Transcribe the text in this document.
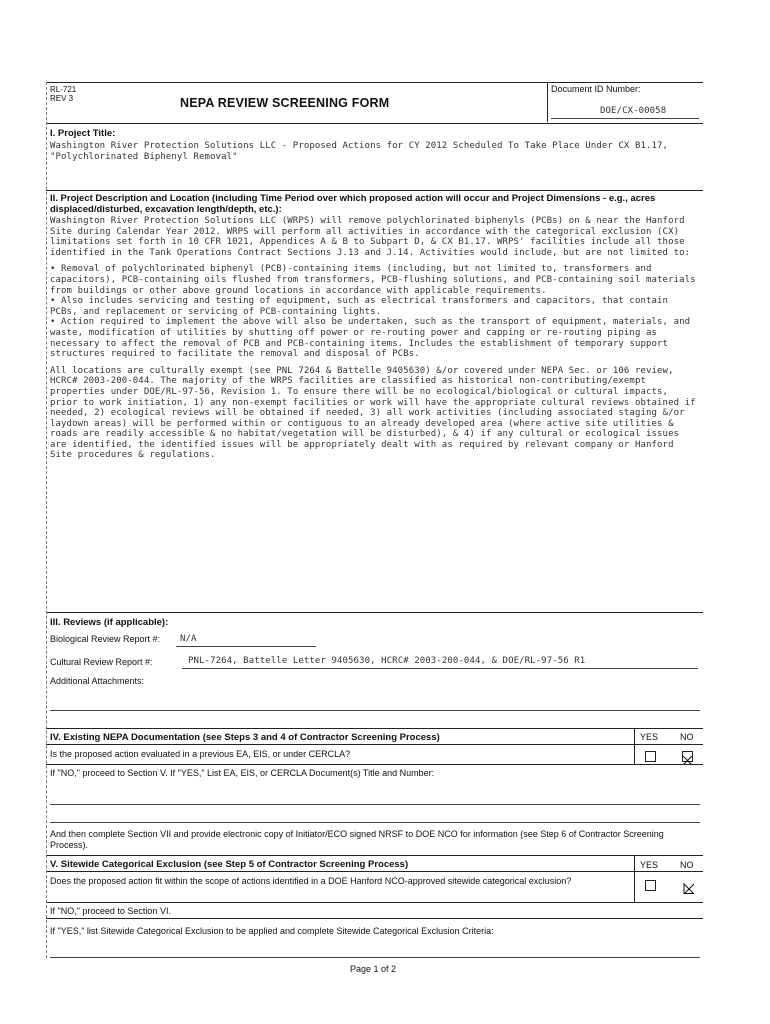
RL-721
REV 3	NEPA REVIEW SCREENING FORM
Document ID Number:
DOE/CX-00058
I. Project Title:
Washington River Protection Solutions LLC - Proposed Actions for CY 2012 Scheduled To Take Place Under CX B1.17, "Polychlorinated Biphenyl Removal"
II. Project Description and Location (including Time Period over which proposed action will occur and Project Dimensions - e.g., acres displaced/disturbed, excavation length/depth, etc.):
Washington River Protection Solutions LLC (WRPS) will remove polychlorinated biphenyls (PCBs) on & near the Hanford Site during Calendar Year 2012. WRPS will perform all activities in accordance with the categorical exclusion (CX) limitations set forth in 10 CFR 1021, Appendices A & B to Subpart D, & CX B1.17. WRPS' facilities include all those identified in the Tank Operations Contract Sections J.13 and J.14. Activities would include, but are not limited to:
• Removal of polychlorinated biphenyl (PCB)-containing items (including, but not limited to, transformers and capacitors), PCB-containing oils flushed from transformers, PCB-flushing solutions, and PCB-containing soil materials from buildings or other above ground locations in accordance with applicable requirements.
• Also includes servicing and testing of equipment, such as electrical transformers and capacitors, that contain PCBs, and replacement or servicing of PCB-containing lights.
• Action required to implement the above will also be undertaken, such as the transport of equipment, materials, and waste, modification of utilities by shutting off power or re-routing power and capping or re-routing piping as necessary to affect the removal of PCB and PCB-containing items. Includes the establishment of temporary support structures required to facilitate the removal and disposal of PCBs.
All locations are culturally exempt (see PNL 7264 & Battelle 9405630) &/or covered under NEPA Sec. or 106 review, HCRC# 2003-200-044. The majority of the WRPS facilities are classified as historical non-contributing/exempt properties under DOE/RL-97-56, Revision 1. To ensure there will be no ecological/biological or cultural impacts, prior to work initiation, 1) any non-exempt facilities or work will have the appropriate cultural reviews obtained if needed, 2) ecological reviews will be obtained if needed, 3) all work activities (including associated staging &/or laydown areas) will be performed within or contiguous to an already developed area (where active site utilities & roads are readily accessible & no habitat/vegetation will be disturbed), & 4) if any cultural or ecological issues are identified, the identified issues will be appropriately dealt with as required by relevant company or Hanford Site procedures & regulations.
III. Reviews (if applicable):
Biological Review Report #: N/A
Cultural Review Report #:	PNL-7264, Battelle Letter 9405630, HCRC# 2003-200-044, & DOE/RL-97-56 R1
Additional Attachments:
IV. Existing NEPA Documentation (see Steps 3 and 4 of Contractor Screening Process)	YES NO
Is the proposed action evaluated in a previous EA, EIS, or under CERCLA?
If "NO," proceed to Section V. If "YES," List EA, EIS, or CERCLA Document(s) Title and Number:
And then complete Section VII and provide electronic copy of Initiator/ECO signed NRSF to DOE NCO for information (see Step 6 of Contractor Screening Process).
V. Sitewide Categorical Exclusion (see Step 5 of Contractor Screening Process)	YES NO
Does the proposed action fit within the scope of actions identified in a DOE Hanford NCO-approved sitewide categorical exclusion?
If "NO," proceed to Section VI.
If "YES," list Sitewide Categorical Exclusion to be applied and complete Sitewide Categorical Exclusion Criteria:
Page 1 of 2
